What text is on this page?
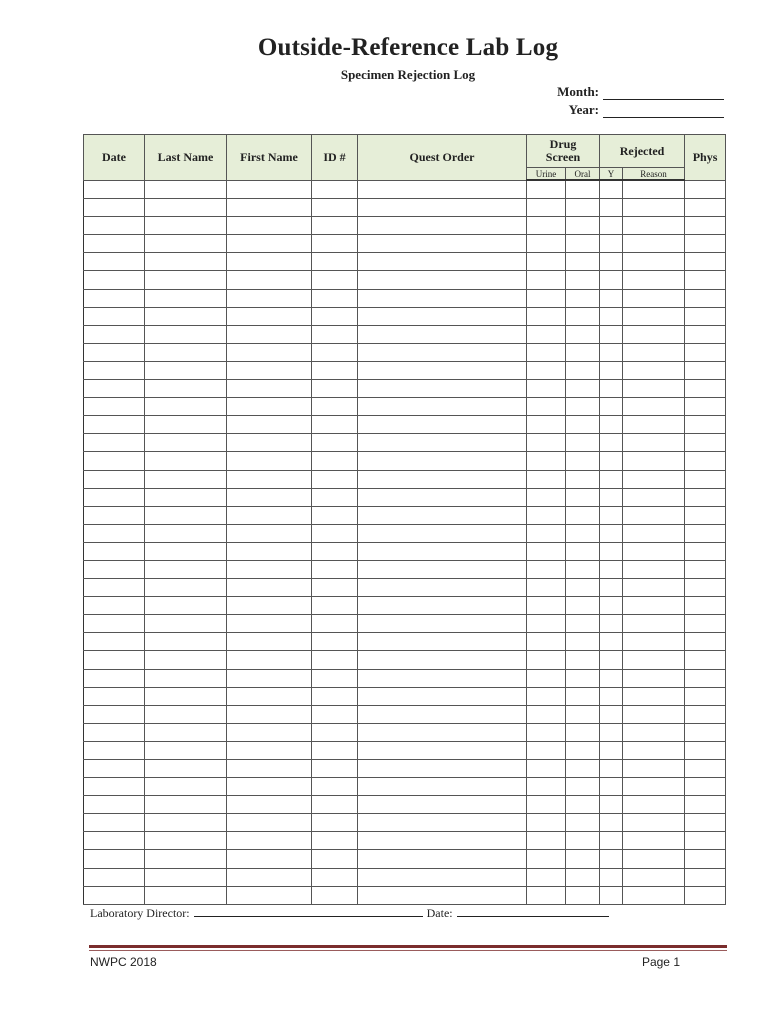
Outside-Reference Lab Log
Specimen Rejection Log
Month:
Year:
Date	Last Name	First Name	ID #	Quest Order	Drug Screen		Rejected		Phys
					Urine	Oral	Y	Reason	

Laboratory Director:	Date:
NWPC 2018	Page 1
